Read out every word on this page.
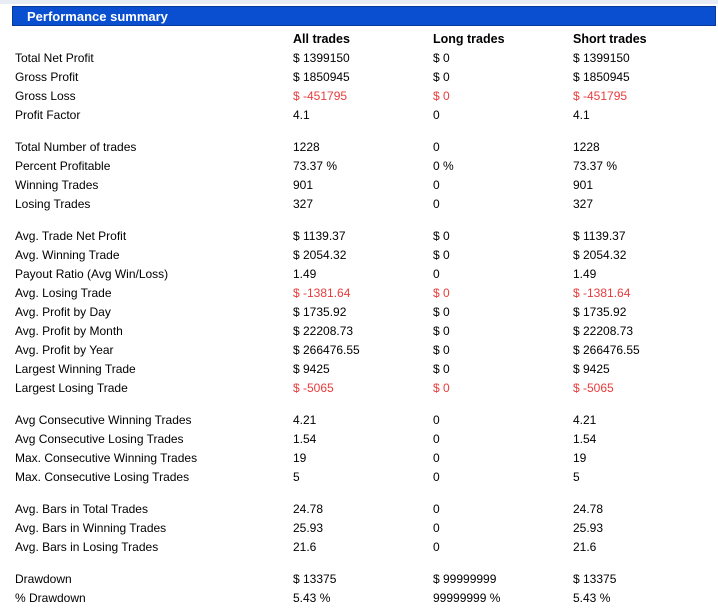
Performance summary
All trades	Long trades	Short trades
Total Net Profit	$ 1399150	$ 0	$ 1399150
Gross Profit	$ 1850945	$ 0	$ 1850945
Gross Loss	$ -451795	$ 0	$ -451795
Profit Factor	4.1	0	4.1
Total Number of trades	1228	0	1228
Percent Profitable	73.37 %	0 %	73.37 %
Winning Trades	901	0	901
Losing Trades	327	0	327
Avg. Trade Net Profit	$ 1139.37	$ 0	$ 1139.37
Avg. Winning Trade	$ 2054.32	$ 0	$ 2054.32
Payout Ratio (Avg Win/Loss)	1.49	0	1.49
Avg. Losing Trade	$ -1381.64	$ 0	$ -1381.64
Avg. Profit by Day	$ 1735.92	$ 0	$ 1735.92
Avg. Profit by Month	$ 22208.73	$ 0	$ 22208.73
Avg. Profit by Year	$ 266476.55	$ 0	$ 266476.55
Largest Winning Trade	$ 9425	$ 0	$ 9425
Largest Losing Trade	$ -5065	$ 0	$ -5065
Avg Consecutive Winning Trades	4.21	0	4.21
Avg Consecutive Losing Trades	1.54	0	1.54
Max. Consecutive Winning Trades	19	0	19
Max. Consecutive Losing Trades	5	0	5
Avg. Bars in Total Trades	24.78	0	24.78
Avg. Bars in Winning Trades	25.93	0	25.93
Avg. Bars in Losing Trades	21.6	0	21.6
Drawdown	$ 13375	$ 99999999	$ 13375
% Drawdown	5.43 %	99999999 %	5.43 %
